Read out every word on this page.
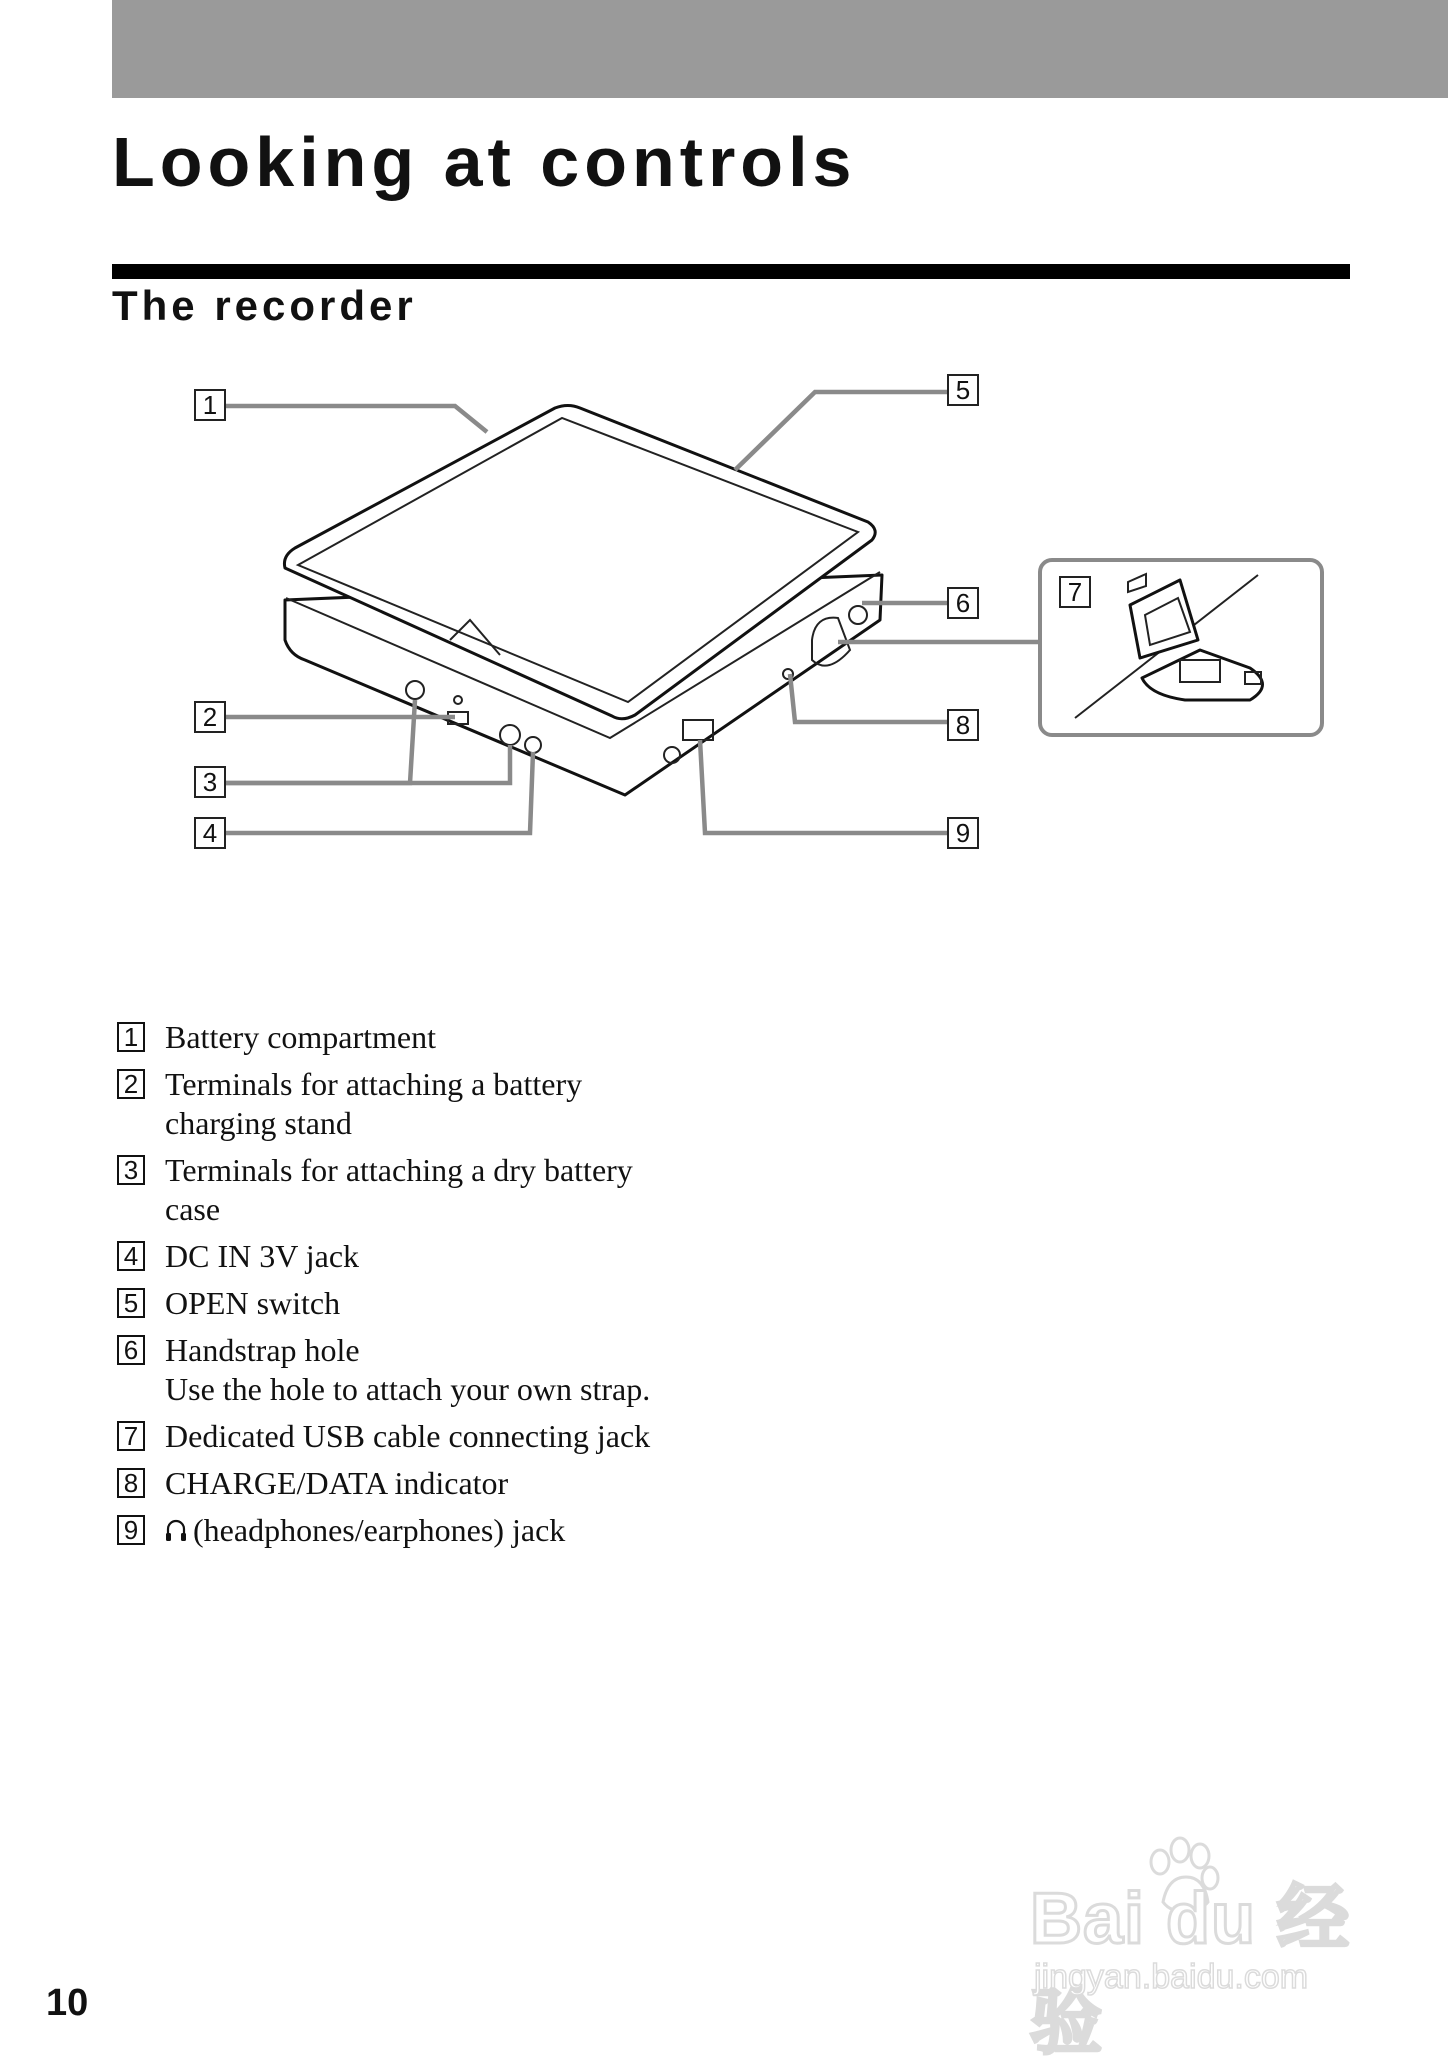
Looking at controls
The recorder
1
2
3
4
5
6	7
8
9
1 Battery compartment
2 Terminals for attaching a battery charging stand
3 Terminals for attaching a dry battery case
4 DC IN 3V jack
5 OPEN switch
6 Handstrap hole
Use the hole to attach your own strap.
7 Dedicated USB cable connecting jack
8 CHARGE/DATA indicator
9 (headphones/earphones) jack
10
Bai du 经验
jingyan.baidu.com
